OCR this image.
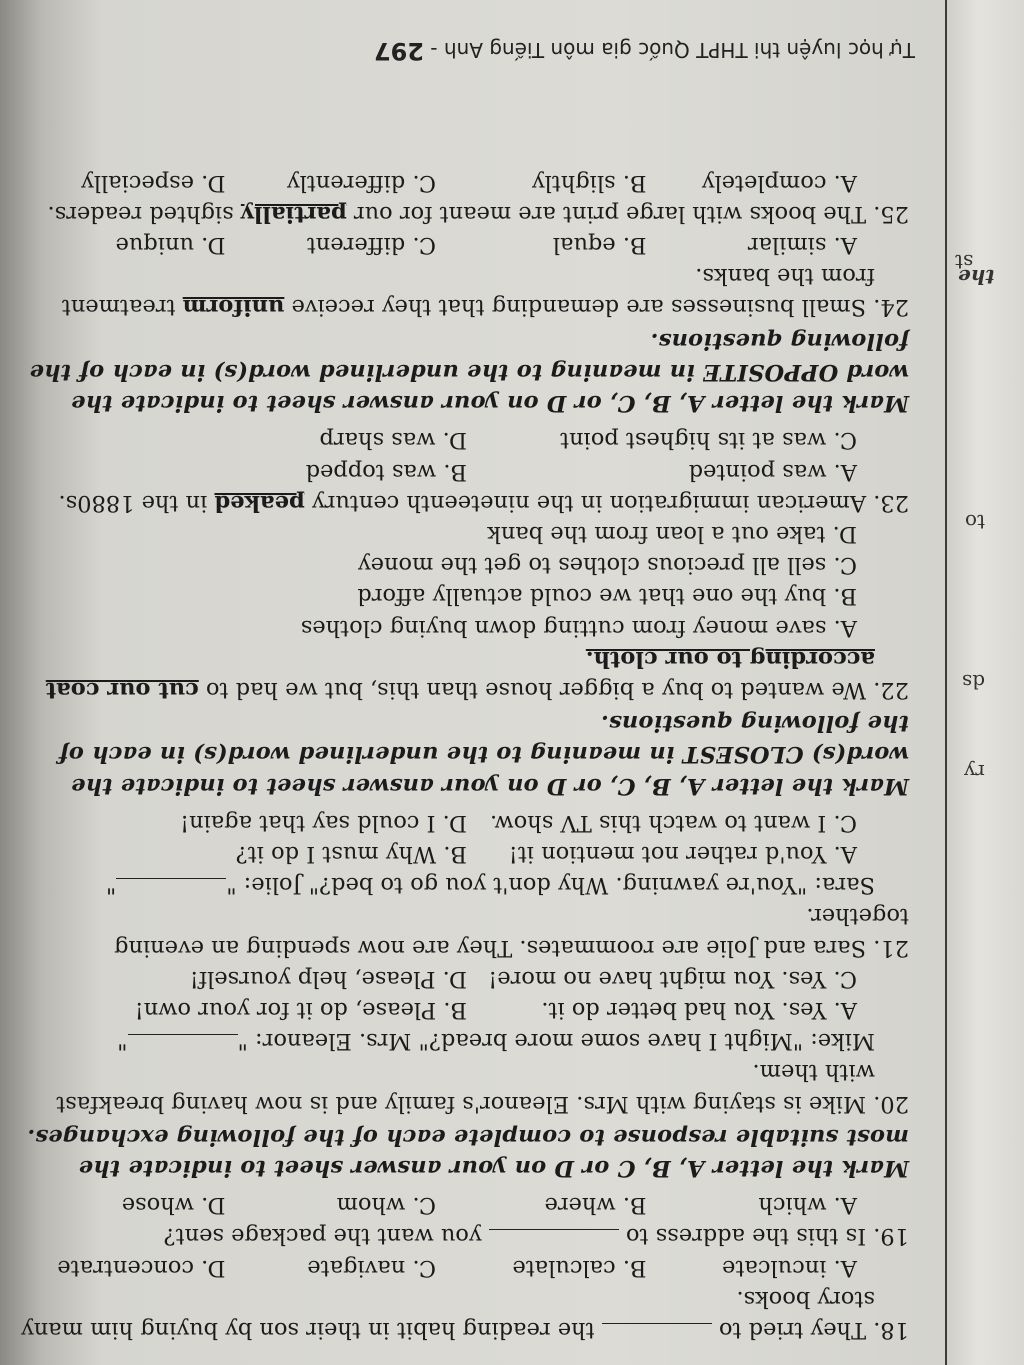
the
ry
ds
to
st
18. They tried to  the reading habit in their son by buying him many
story books.
A. inculcate
B. calculate
C. navigate
D. concentrate
19. Is this the address to  you want the package sent?
A. which
B. where
C. whom
D. whose
Mark the letter A, B, C or D on your answer sheet to indicate the
most suitable response to complete each of the following exchanges.
20. Mike is staying with Mrs. Eleanor's family and is now having breakfast
with them.
Mike: "Might I have some more bread?" Mrs. Eleanor: ""
A. Yes. You had better do it.
B. Please, do it for your own!
C. Yes. You might have no more!
D. Please, help yourself!
21. Sara and Jolie are roommates. They are now spending an evening together.
Sara: "You're yawning. Why don't you go to bed?" Jolie: ""
A. You'd rather not mention it!
B. Why must I do it?
C. I want to watch this TV show.
D. I could say that again!
Mark the letter A, B, C, or D on your answer sheet to indicate the
word(s) CLOSEST in meaning to the underlined word(s) in each of
the following questions.
22. We wanted to buy a bigger house than this, but we had to cut our coat
according to our cloth.
A. save money from cutting down buying clothes
B. buy the one that we could actually afford
C. sell all precious clothes to get the money
D. take out a loan from the bank
23. American immigration in the nineteenth century peaked in the 1880s.
A. was pointed
B. was topped
C. was at its highest point
D. was sharp
Mark the letter A, B, C, or D on your answer sheet to indicate the
word OPPOSITE in meaning to the underlined word(s) in each of the
following questions.
24. Small businesses are demanding that they receive uniform treatment
from the banks.
A. similar
B. equal
C. different
D. unique
25. The books with large print are meant for our partially sighted readers.
A. completely
B. slightly
C. differently
D. especially
Tự học luyện thi THPT Quốc gia môn Tiếng Anh - 297
